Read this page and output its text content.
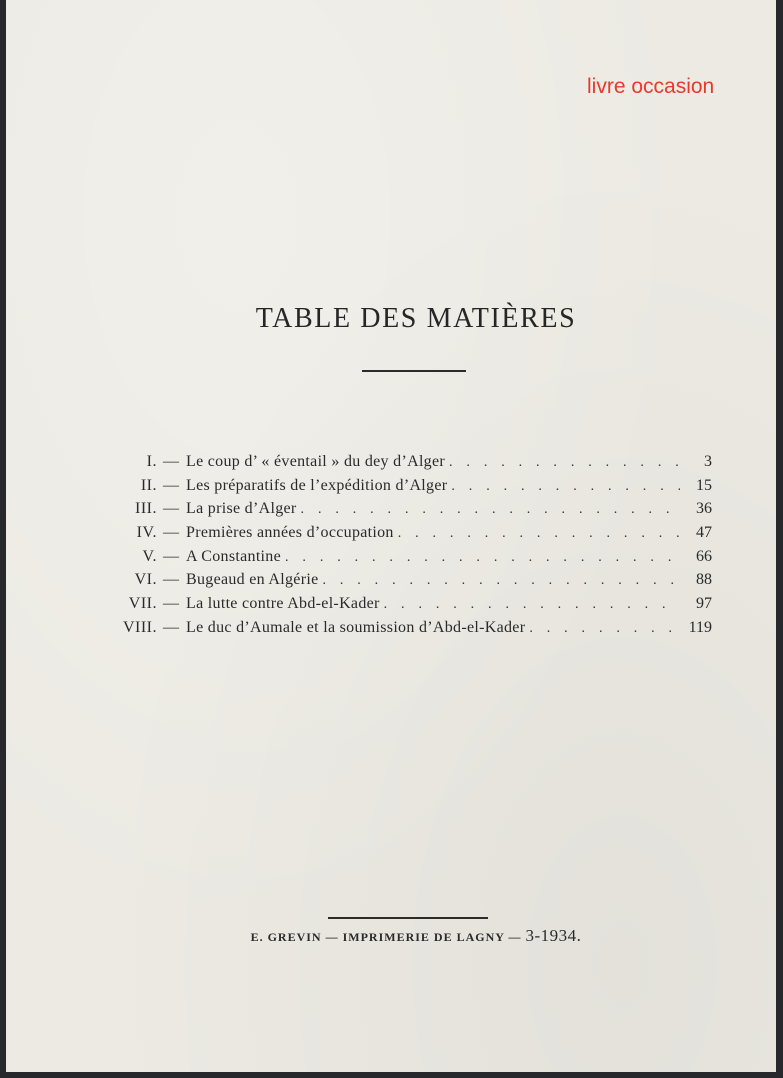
livre occasion
TABLE DES MATIÈRES
I. — Le coup d’ « éventail » du dey d’Alger . . .	3
II. — Les préparatifs de l’expédition d’Alger . . .	15
III. — La prise d’Alger . . .	36
IV. — Premières années d’occupation . . .	47
V. — A Constantine . . .	66
VI. — Bugeaud en Algérie . . .	88
VII. — La lutte contre Abd-el-Kader . . .	97
VIII. — Le duc d’Aumale et la soumission d’Abd-el-Kader . . .	119
E. GREVIN — IMPRIMERIE DE LAGNY — 3-1934.
